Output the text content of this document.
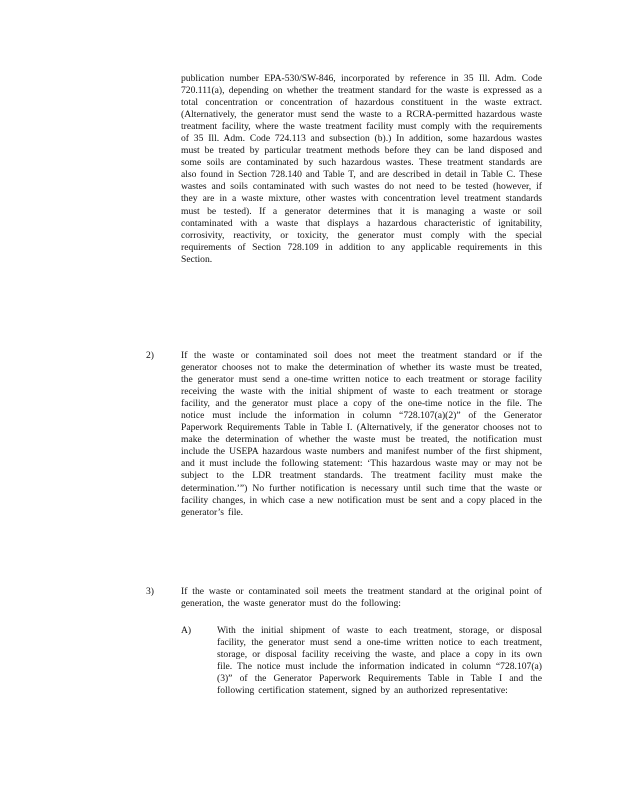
publication number EPA-530/SW-846, incorporated by reference in 35 Ill. Adm. Code 720.111(a), depending on whether the treatment standard for the waste is expressed as a total concentration or concentration of hazardous constituent in the waste extract. (Alternatively, the generator must send the waste to a RCRA-permitted hazardous waste treatment facility, where the waste treatment facility must comply with the requirements of 35 Ill. Adm. Code 724.113 and subsection (b).) In addition, some hazardous wastes must be treated by particular treatment methods before they can be land disposed and some soils are contaminated by such hazardous wastes. These treatment standards are also found in Section 728.140 and Table T, and are described in detail in Table C. These wastes and soils contaminated with such wastes do not need to be tested (however, if they are in a waste mixture, other wastes with concentration level treatment standards must be tested). If a generator determines that it is managing a waste or soil contaminated with a waste that displays a hazardous characteristic of ignitability, corrosivity, reactivity, or toxicity, the generator must comply with the special requirements of Section 728.109 in addition to any applicable requirements in this Section.

2)	If the waste or contaminated soil does not meet the treatment standard or if the generator chooses not to make the determination of whether its waste must be treated, the generator must send a one-time written notice to each treatment or storage facility receiving the waste with the initial shipment of waste to each treatment or storage facility, and the generator must place a copy of the one-time notice in the file. The notice must include the information in column “728.107(a)(2)” of the Generator Paperwork Requirements Table in Table I. (Alternatively, if the generator chooses not to make the determination of whether the waste must be treated, the notification must include the USEPA hazardous waste numbers and manifest number of the first shipment, and it must include the following statement: ‘This hazardous waste may or may not be subject to the LDR treatment standards. The treatment facility must make the determination.’”) No further notification is necessary until such time that the waste or facility changes, in which case a new notification must be sent and a copy placed in the generator’s file.

3)	If the waste or contaminated soil meets the treatment standard at the original point of generation, the waste generator must do the following:

A)	With the initial shipment of waste to each treatment, storage, or disposal facility, the generator must send a one-time written notice to each treatment, storage, or disposal facility receiving the waste, and place a copy in its own file. The notice must include the information indicated in column “728.107(a)(3)” of the Generator Paperwork Requirements Table in Table I and the following certification statement, signed by an authorized representative:
